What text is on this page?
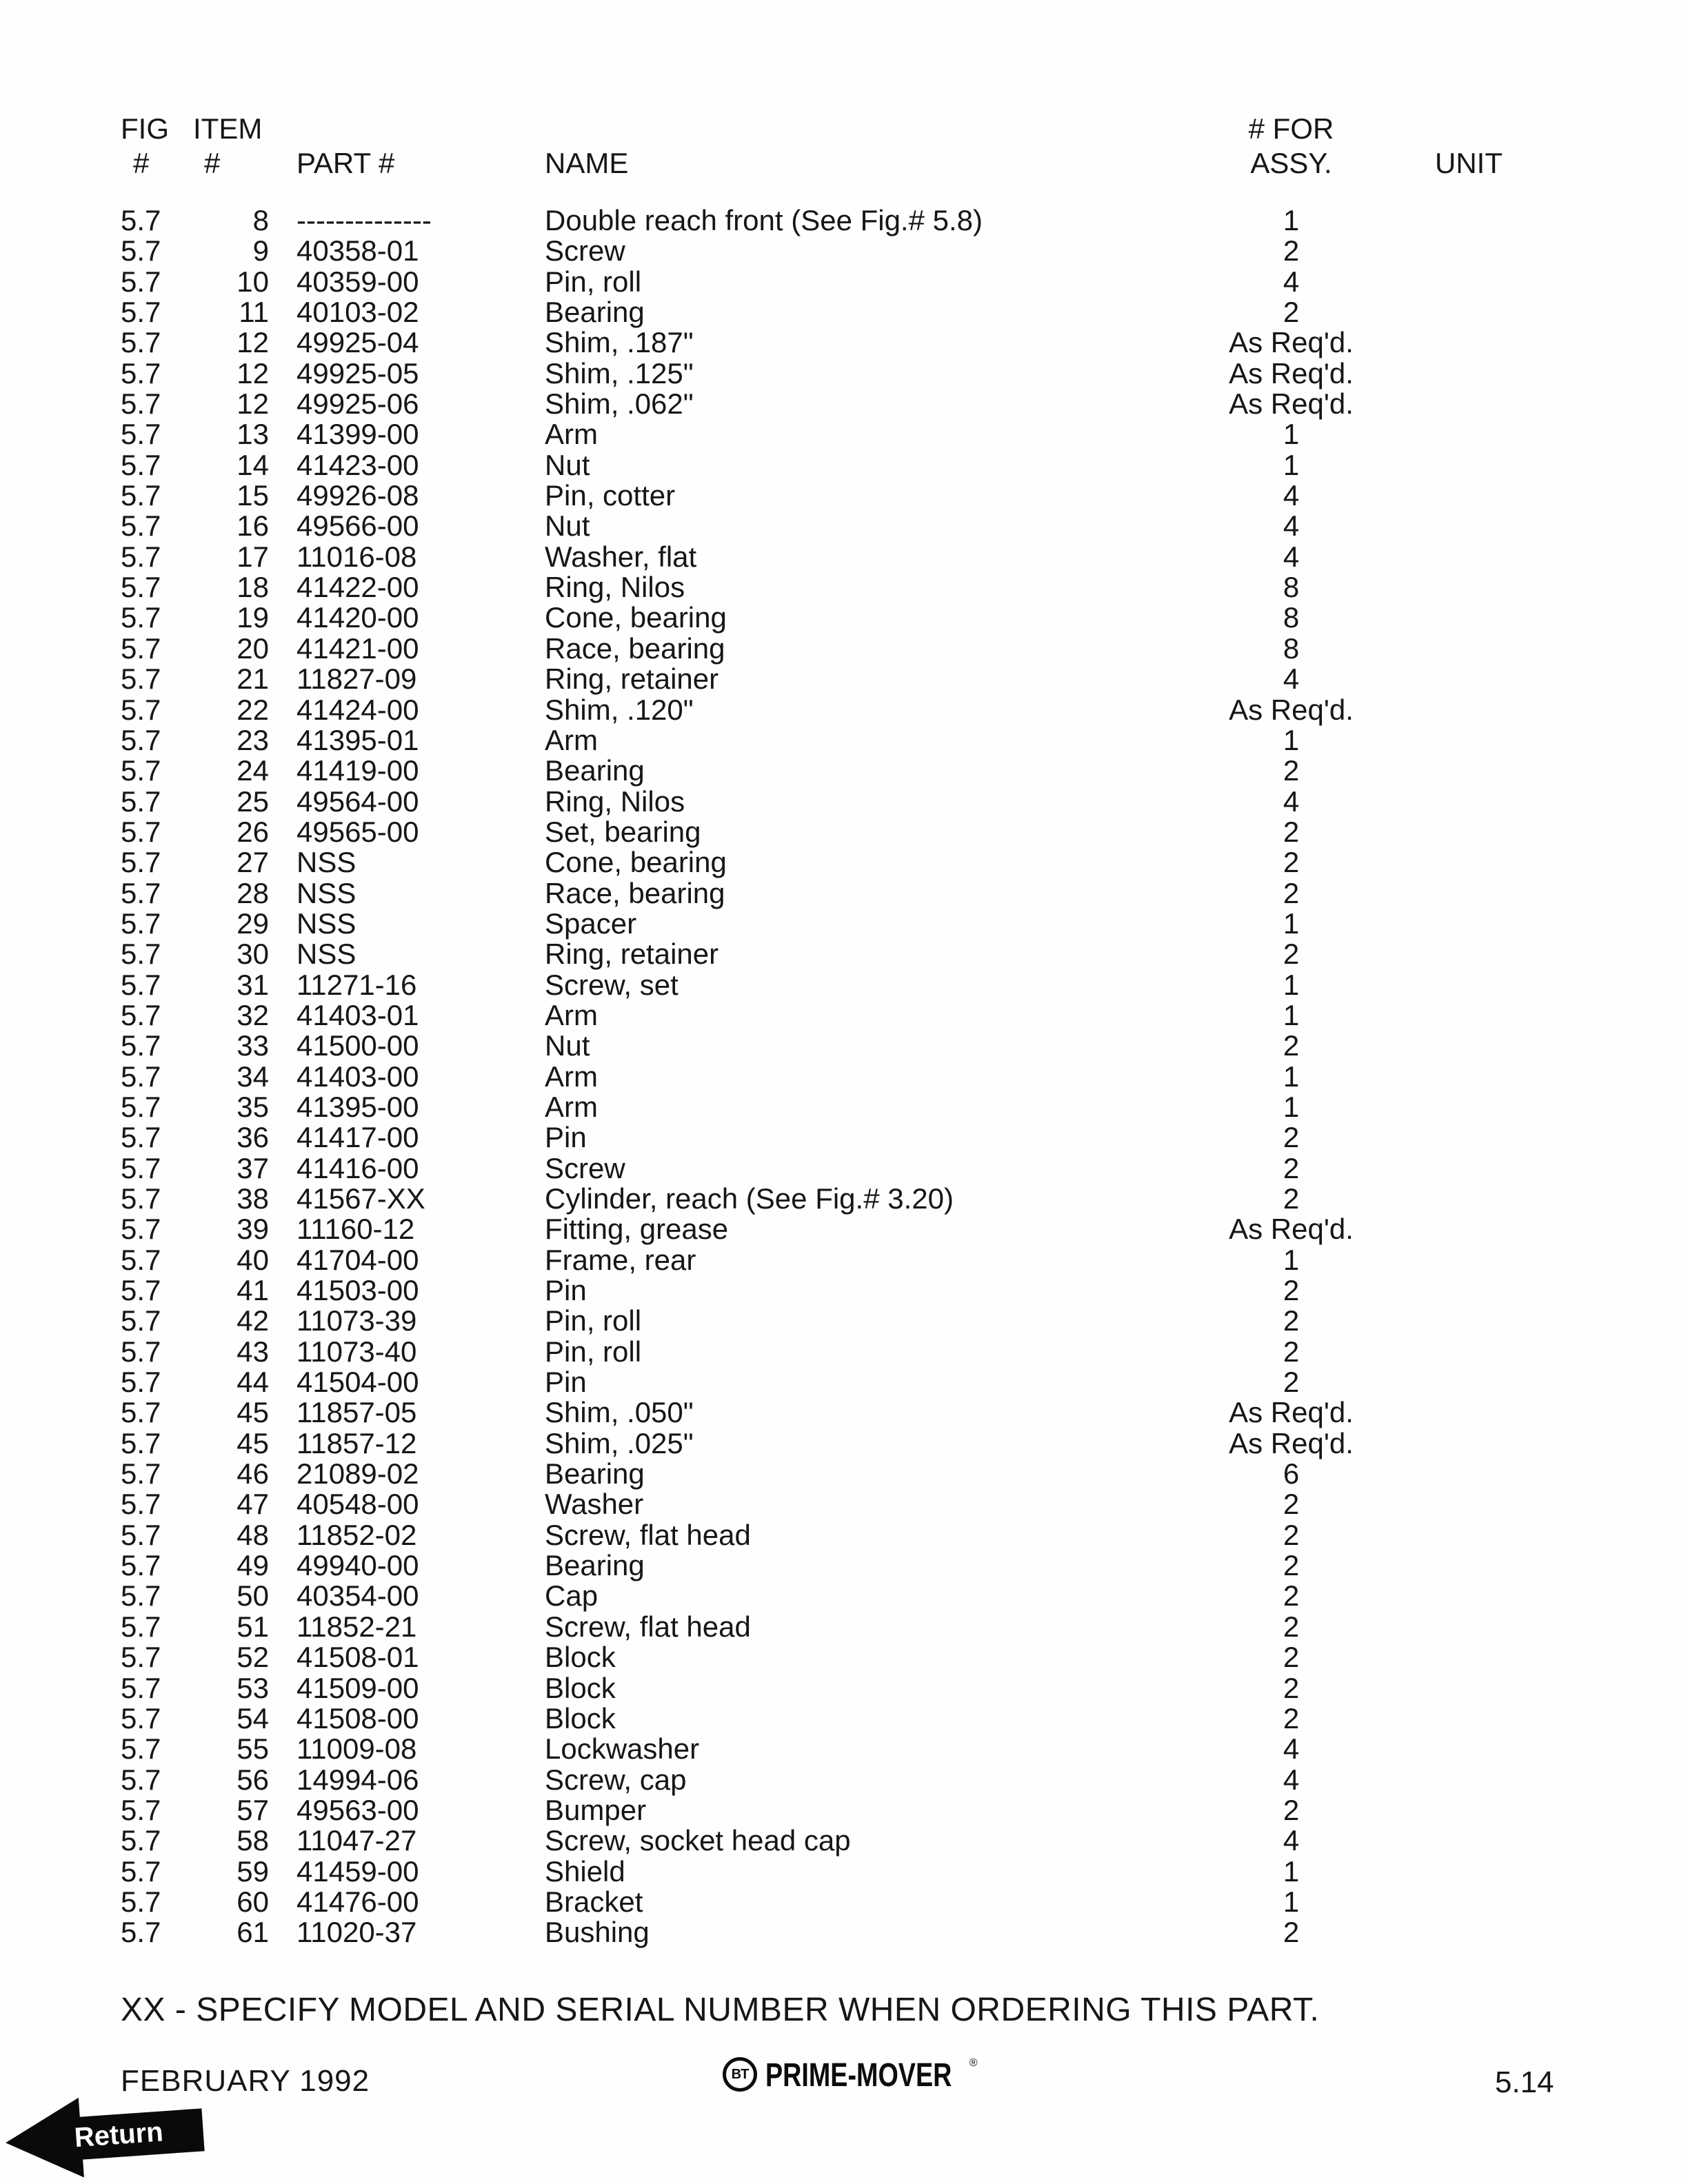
FIG ITEM	# FOR
#	#	PART #	NAME	ASSY.	UNIT
5.7	8 --------------	Double reach front (See Fig.# 5.8)	1
5.7	9 40358-01	Screw	2
5.7	10 40359-00	Pin, roll	4
5.7	11 40103-02	Bearing	2
5.7	12 49925-04	Shim, .187"	As Req'd.
5.7	12 49925-05	Shim, .125"	As Req'd.
5.7	12 49925-06	Shim, .062"	As Req'd.
5.7	13 41399-00	Arm	1
5.7	14 41423-00	Nut	1
5.7	15 49926-08	Pin, cotter	4
5.7	16 49566-00	Nut	4
5.7	17 11016-08	Washer, flat	4
5.7	18 41422-00	Ring, Nilos	8
5.7	19 41420-00	Cone, bearing	8
5.7	20 41421-00	Race, bearing	8
5.7	21 11827-09	Ring, retainer	4
5.7	22 41424-00	Shim, .120"	As Req'd.
5.7	23 41395-01	Arm	1
5.7	24 41419-00	Bearing	2
5.7	25 49564-00	Ring, Nilos	4
5.7	26 49565-00	Set, bearing	2
5.7	27 NSS	Cone, bearing	2
5.7	28 NSS	Race, bearing	2
5.7	29 NSS	Spacer	1
5.7	30 NSS	Ring, retainer	2
5.7	31 11271-16	Screw, set	1
5.7	32 41403-01	Arm	1
5.7	33 41500-00	Nut	2
5.7	34 41403-00	Arm	1
5.7	35 41395-00	Arm	1
5.7	36 41417-00	Pin	2
5.7	37 41416-00	Screw	2
5.7	38 41567-XX	Cylinder, reach (See Fig.# 3.20)	2
5.7	39 11160-12	Fitting, grease	As Req'd.
5.7	40 41704-00	Frame, rear	1
5.7	41 41503-00	Pin	2
5.7	42 11073-39	Pin, roll	2
5.7	43 11073-40	Pin, roll	2
5.7	44 41504-00	Pin	2
5.7	45 11857-05	Shim, .050"	As Req'd.
5.7	45 11857-12	Shim, .025"	As Req'd.
5.7	46 21089-02	Bearing	6
5.7	47 40548-00	Washer	2
5.7	48 11852-02	Screw, flat head	2
5.7	49 49940-00	Bearing	2
5.7	50 40354-00	Cap	2
5.7	51 11852-21	Screw, flat head	2
5.7	52 41508-01	Block	2
5.7	53 41509-00	Block	2
5.7	54 41508-00	Block	2
5.7	55 11009-08	Lockwasher	4
5.7	56 14994-06	Screw, cap	4
5.7	57 49563-00	Bumper	2
5.7	58 11047-27	Screw, socket head cap	4
5.7	59 41459-00	Shield	1
5.7	60 41476-00	Bracket	1
5.7	61 11020-37	Bushing	2
XX - SPECIFY MODEL AND SERIAL NUMBER WHEN ORDERING THIS PART.
FEBRUARY 1992	BT PRIME-MOVER ®
5.14
Return
